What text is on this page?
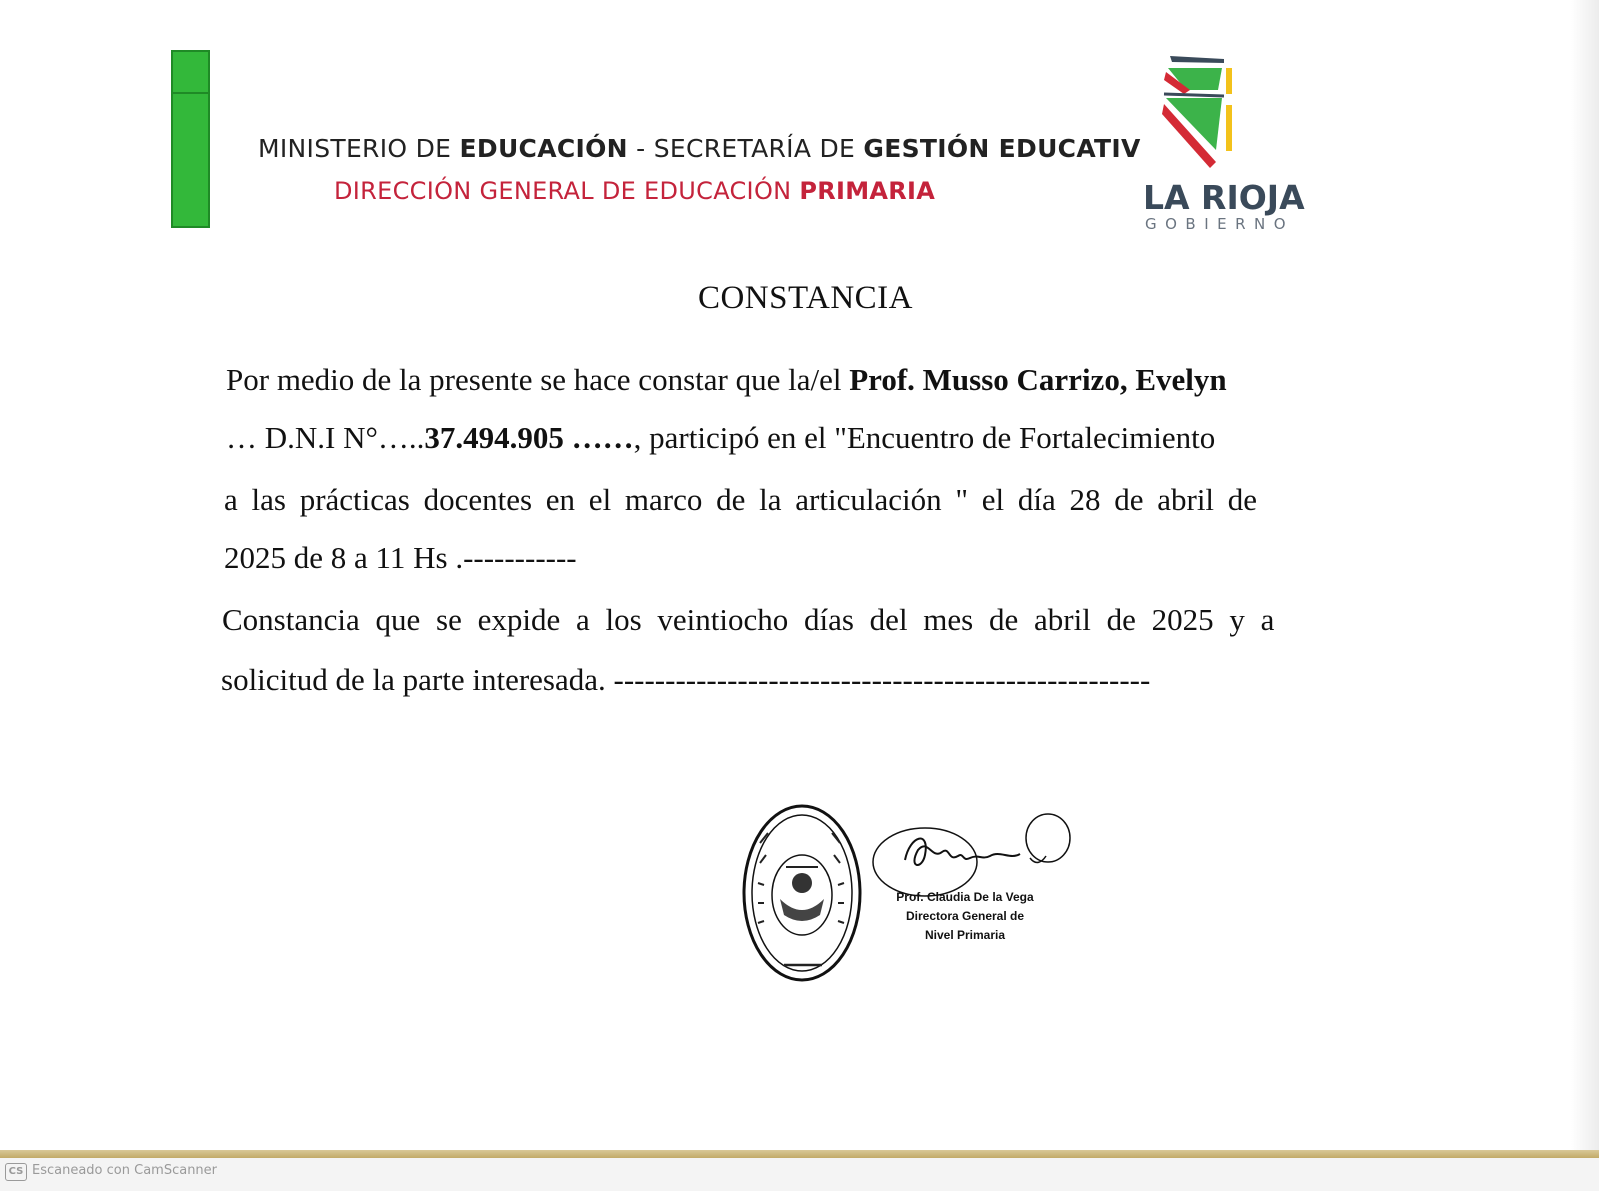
MINISTERIO DE EDUCACIÓN - SECRETARÍA DE GESTIÓN EDUCATIV
DIRECCIÓN GENERAL DE EDUCACIÓN PRIMARIA	LA RIOJA
GOBIERNO
CONSTANCIA
Por medio de la presente se hace constar que la/el Prof. Musso Carrizo, Evelyn
… D.N.I N°…..37.494.905 ……, participó en el "Encuentro de Fortalecimiento
a las prácticas docentes en el marco de la articulación " el día 28 de abril de
2025 de 8 a 11 Hs .-----------
Constancia que se expide a los veintiocho días del mes de abril de 2025 y a
solicitud de la parte interesada. ----------------------------------------------------
Prof. Claudia De la Vega
Directora General de
Nivel Primaria
CS Escaneado con CamScanner
